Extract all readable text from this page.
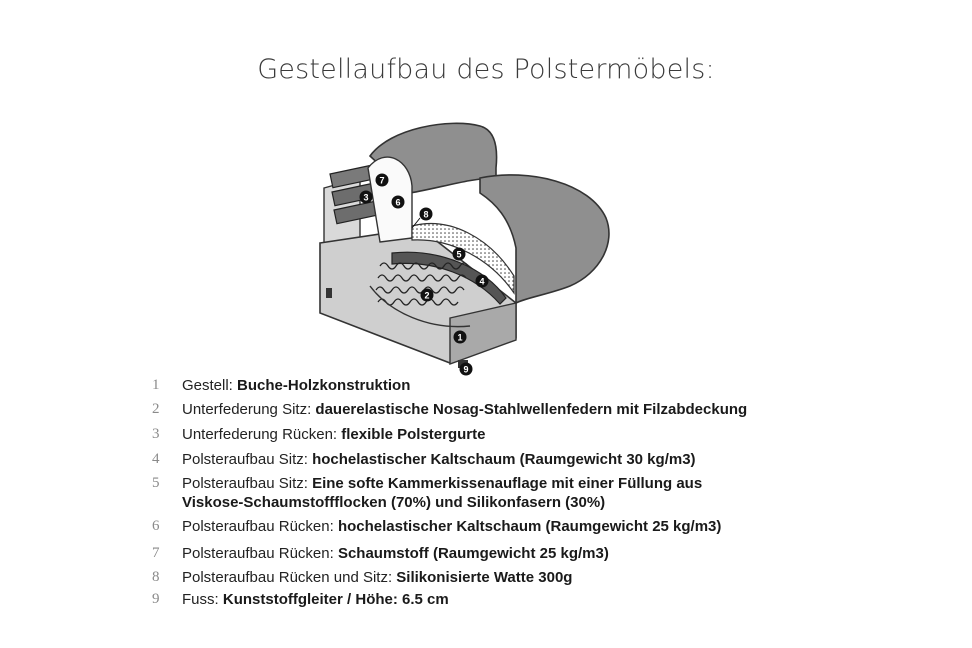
Gestellaufbau des Polstermöbels:
1
2
3
4
5
6
7
8
9
1	Gestell: Buche-Holzkonstruktion
2	Unterfederung Sitz: dauerelastische Nosag-Stahlwellenfedern mit Filzabdeckung
3	Unterfederung Rücken: flexible Polstergurte
4	Polsteraufbau Sitz: hochelastischer Kaltschaum (Raumgewicht 30 kg/m3)
5	Polsteraufbau Sitz: Eine softe Kammerkissenauflage mit einer Füllung aus Viskose-Schaumstoffflocken (70%) und Silikonfasern (30%)
6	Polsteraufbau Rücken: hochelastischer Kaltschaum (Raumgewicht 25 kg/m3)
7	Polsteraufbau Rücken: Schaumstoff (Raumgewicht 25 kg/m3)
8	Polsteraufbau Rücken und Sitz: Silikonisierte Watte 300g
9	Fuss: Kunststoffgleiter / Höhe: 6.5 cm
